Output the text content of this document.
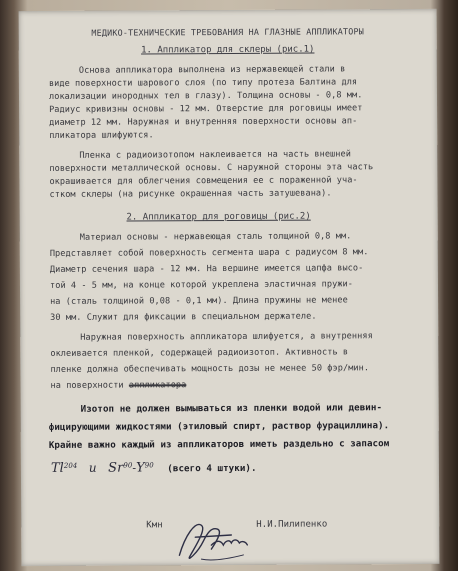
МЕДИКО-ТЕХНИЧЕСКИЕ ТРЕБОВАНИЯ НА ГЛАЗНЫЕ АППЛИКАТОРЫ
1. Аппликатор для склеры (рис.1)
Основа аппликатора выполнена из нержавеющей стали в
виде поверхности шарового слоя (по типу протеза Балтина для
локализации инородных тел в глазу). Толщина основы - 0,8 мм.
Радиус кривизны основы - 12 мм. Отверстие для роговицы имеет
диаметр 12 мм. Наружная и внутренняя поверхности основы ап-
пликатора шлифуются.
Пленка с радиоизотопом наклеивается на часть внешней
поверхности металлической основы. С наружной стороны эта часть
окрашивается для облегчения совмещения ее с пораженной уча-
стком склеры (на рисунке окрашенная часть затушевана).
2. Аппликатор для роговицы (рис.2)
Материал основы - нержавеющая сталь толщиной 0,8 мм.
Представляет собой поверхность сегмента шара с радиусом 8 мм.
Диаметр сечения шара - 12 мм. На вершине имеется цапфа высо-
той 4 - 5 мм, на конце которой укреплена эластичная пружи-
на (сталь толщиной 0,08 - 0,1 мм). Длина пружины не менее
30 мм. Служит для фиксации в специальном держателе.
Наружная поверхность аппликатора шлифуется, а внутренняя
оклеивается пленкой, содержащей радиоизотоп. Активность в
пленке должна обеспечивать мощность дозы не менее 50 фэр/мин.
на поверхности аппликатора
Изотоп не должен вымываться из пленки водой или девин-
фицирующими жидкостями (этиловый спирт, раствор фурациллина).
Крайне важно каждый из аппликаторов иметь раздельно с запасом
Tl$^{204}$ и $Sr^{90}-Y^{90}$ (всего 4 штуки).
Кмн	Н.И.Пилипенко
